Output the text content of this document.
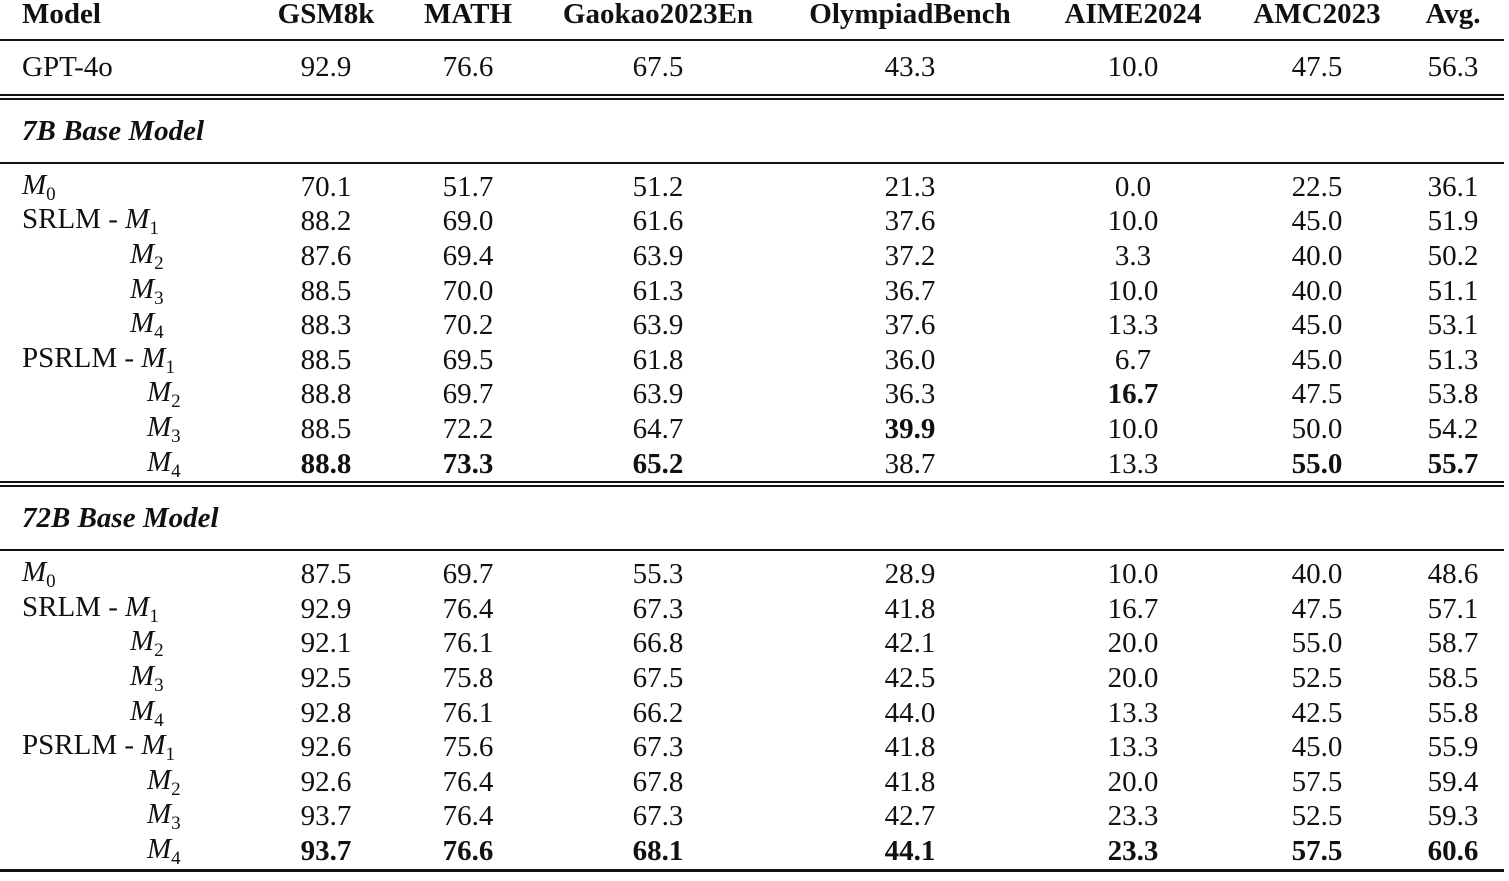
Model	GSM8k	MATH	Gaokao2023En	OlympiadBench	AIME2024	AMC2023	Avg.
GPT-4o	92.9	76.6	67.5	43.3	10.0	47.5	56.3
7B Base Model							
$M_0$	70.1	51.7	51.2	21.3	0.0	22.5	36.1
SRLM - $M_1$	88.2	69.0	61.6	37.6	10.0	45.0	51.9
$M_2$	87.6	69.4	63.9	37.2	3.3	40.0	50.2
$M_3$	88.5	70.0	61.3	36.7	10.0	40.0	51.1
$M_4$	88.3	70.2	63.9	37.6	13.3	45.0	53.1
PSRLM - $M_1$	88.5	69.5	61.8	36.0	6.7	45.0	51.3
$M_2$	88.8	69.7	63.9	36.3	16.7	47.5	53.8
$M_3$	88.5	72.2	64.7	39.9	10.0	50.0	54.2
$M_4$	88.8	73.3	65.2	38.7	13.3	55.0	55.7
72B Base Model							
$M_0$	87.5	69.7	55.3	28.9	10.0	40.0	48.6
SRLM - $M_1$	92.9	76.4	67.3	41.8	16.7	47.5	57.1
$M_2$	92.1	76.1	66.8	42.1	20.0	55.0	58.7
$M_3$	92.5	75.8	67.5	42.5	20.0	52.5	58.5
$M_4$	92.8	76.1	66.2	44.0	13.3	42.5	55.8
PSRLM - $M_1$	92.6	75.6	67.3	41.8	13.3	45.0	55.9
$M_2$	92.6	76.4	67.8	41.8	20.0	57.5	59.4
$M_3$	93.7	76.4	67.3	42.7	23.3	52.5	59.3
$M_4$	93.7	76.6	68.1	44.1	23.3	57.5	60.6
